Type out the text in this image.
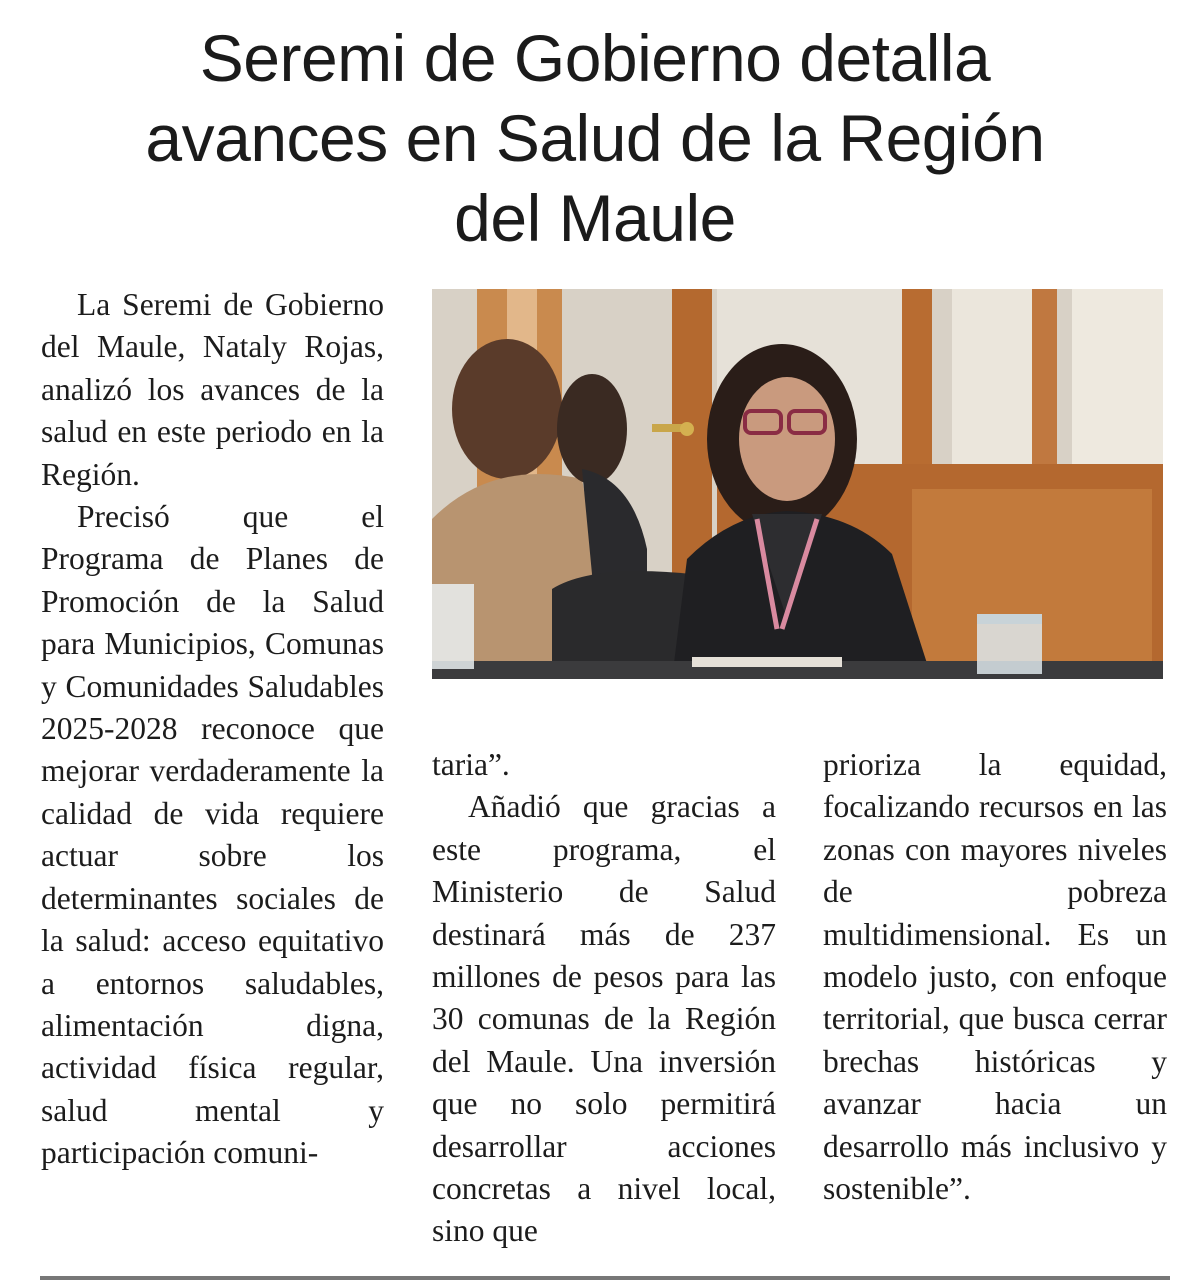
Seremi de Gobierno detalla
avances en Salud de la Región
del Maule

La Seremi de Gobierno del Maule, Nataly Rojas, analizó los avances de la salud en este periodo en la Región.

Precisó que el Programa de Planes de Promoción de la Salud para Municipios, Comunas y Comunidades Saludables 2025-2028 reconoce que mejorar verdaderamente la calidad de vida requiere actuar sobre los determinantes sociales de la salud: acceso equitativo a entornos saludables, alimentación digna, actividad física regular, salud mental y participación comuni-

taria”.

Añadió que gracias a este programa, el Ministerio de Salud destinará más de 237 millones de pesos para las 30 comunas de la Región del Maule. Una inversión que no solo permitirá desarrollar acciones concretas a nivel local, sino que

prioriza la equidad, focalizando recursos en las zonas con mayores niveles de pobreza multidimensional. Es un modelo justo, con enfoque territorial, que busca cerrar brechas históricas y avanzar hacia un desarrollo más inclusivo y sostenible”.
